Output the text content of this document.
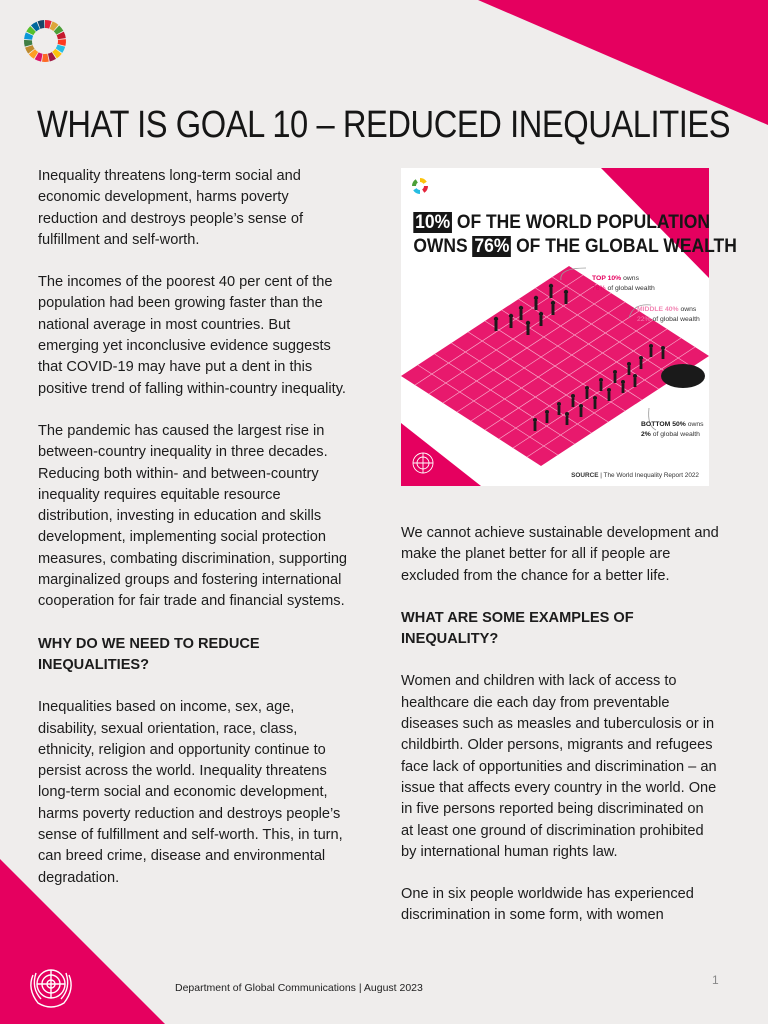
WHAT IS GOAL 10 – REDUCED INEQUALITIES

Inequality threatens long-term social and economic development, harms poverty reduction and destroys people’s sense of fulfillment and self-worth.

The incomes of the poorest 40 per cent of the population had been growing faster than the national average in most countries. But emerging yet inconclusive evidence suggests that COVID-19 may have put a dent in this positive trend of falling within-country inequality.

The pandemic has caused the largest rise in between-country inequality in three decades. Reducing both within- and between-country inequality requires equitable resource distribution, investing in education and skills development, implementing social protection measures, combating discrimination, supporting marginalized groups and fostering international cooperation for fair trade and financial systems.

WHY DO WE NEED TO REDUCE INEQUALITIES?

Inequalities based on income, sex, age, disability, sexual orientation, race, class, ethnicity, religion and opportunity continue to persist across the world. Inequality threatens long-term social and economic development, harms poverty reduction and destroys people’s sense of fulfillment and self-worth. This, in turn, can breed crime, disease and environmental degradation.

10% OF THE WORLD POPULATION
OWNS 76% OF THE GLOBAL WEALTH
TOP 10% owns
76% of global wealth
MIDDLE 40% owns
22% of global wealth
BOTTOM 50% owns
2% of global wealth
SOURCE | The World Inequality Report 2022

We cannot achieve sustainable development and make the planet better for all if people are excluded from the chance for a better life.

WHAT ARE SOME EXAMPLES OF INEQUALITY?

Women and children with lack of access to healthcare die each day from preventable diseases such as measles and tuberculosis or in childbirth. Older persons, migrants and refugees face lack of opportunities and discrimination – an issue that affects every country in the world. One in five persons reported being discriminated on at least one ground of discrimination prohibited by international human rights law.

One in six people worldwide has experienced discrimination in some form, with women

Department of Global Communications | August 2023
1
